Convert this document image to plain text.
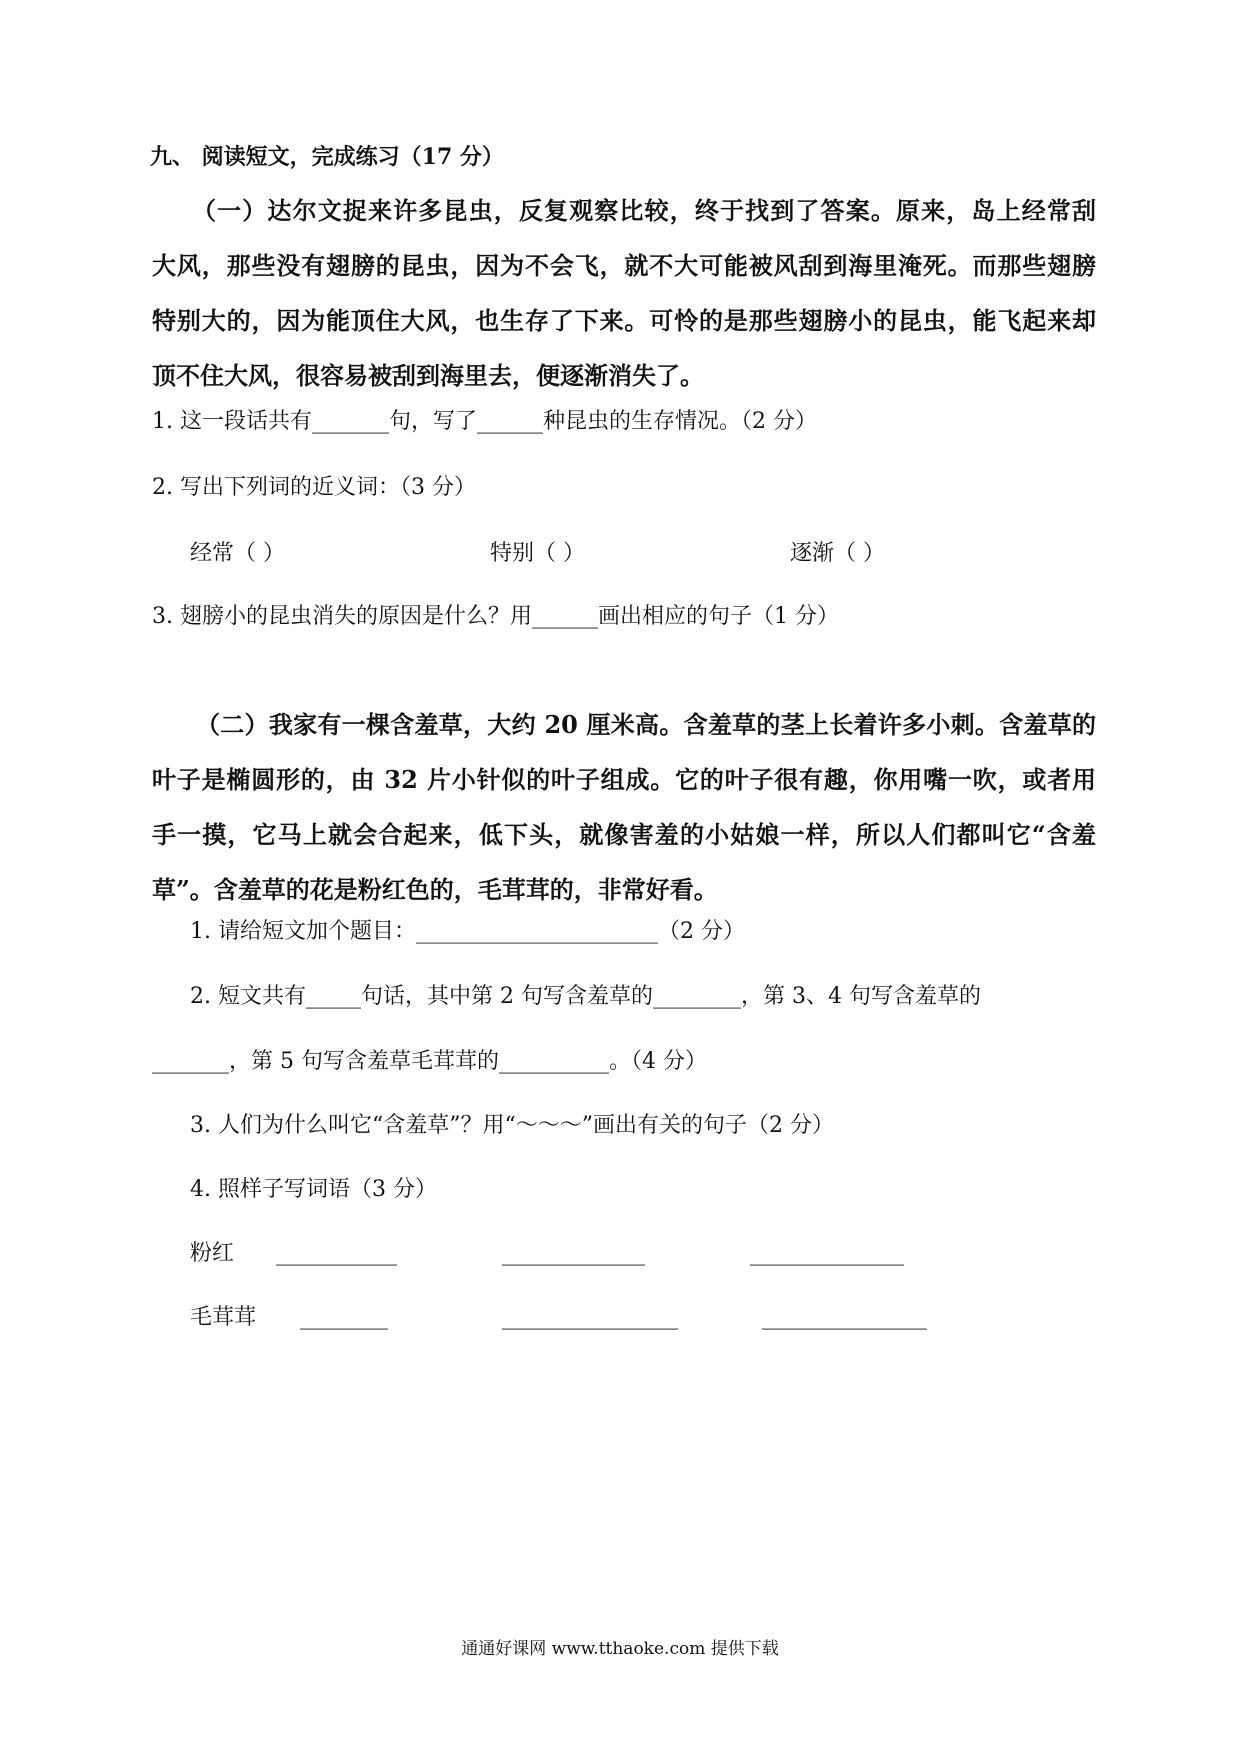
九、 阅读短文，完成练习（17 分）
（一）达尔文捉来许多昆虫，反复观察比较，终于找到了答案。原来，岛上经常刮
大风，那些没有翅膀的昆虫，因为不会飞，就不大可能被风刮到海里淹死。而那些翅膀
特别大的，因为能顶住大风，也生存了下来。可怜的是那些翅膀小的昆虫，能飞起来却
顶不住大风，很容易被刮到海里去，便逐渐消失了。
1. 这一段话共有_______句，写了______种昆虫的生存情况。（2 分）
2. 写出下列词的近义词：（3 分）
经常（ ）	特别（ ）	逐渐（ ）
3. 翅膀小的昆虫消失的原因是什么？用______画出相应的句子（1 分）
（二）我家有一棵含羞草，大约 20 厘米高。含羞草的茎上长着许多小刺。含羞草的
叶子是椭圆形的，由 32 片小针似的叶子组成。它的叶子很有趣，你用嘴一吹，或者用
手一摸，它马上就会合起来，低下头，就像害羞的小姑娘一样，所以人们都叫它“含羞
草”。含羞草的花是粉红色的，毛茸茸的，非常好看。
1. 请给短文加个题目：______________________（2 分）
2. 短文共有_____句话，其中第 2 句写含羞草的________，第 3、4 句写含羞草的
_______，第 5 句写含羞草毛茸茸的__________。（4 分）
3. 人们为什么叫它“含羞草”？用“～～～”画出有关的句子（2 分）
4. 照样子写词语（3 分）
粉红 ___________	_____________	______________
毛茸茸 ________	________________	_______________
通通好课网 www.tthaoke.com 提供下载
